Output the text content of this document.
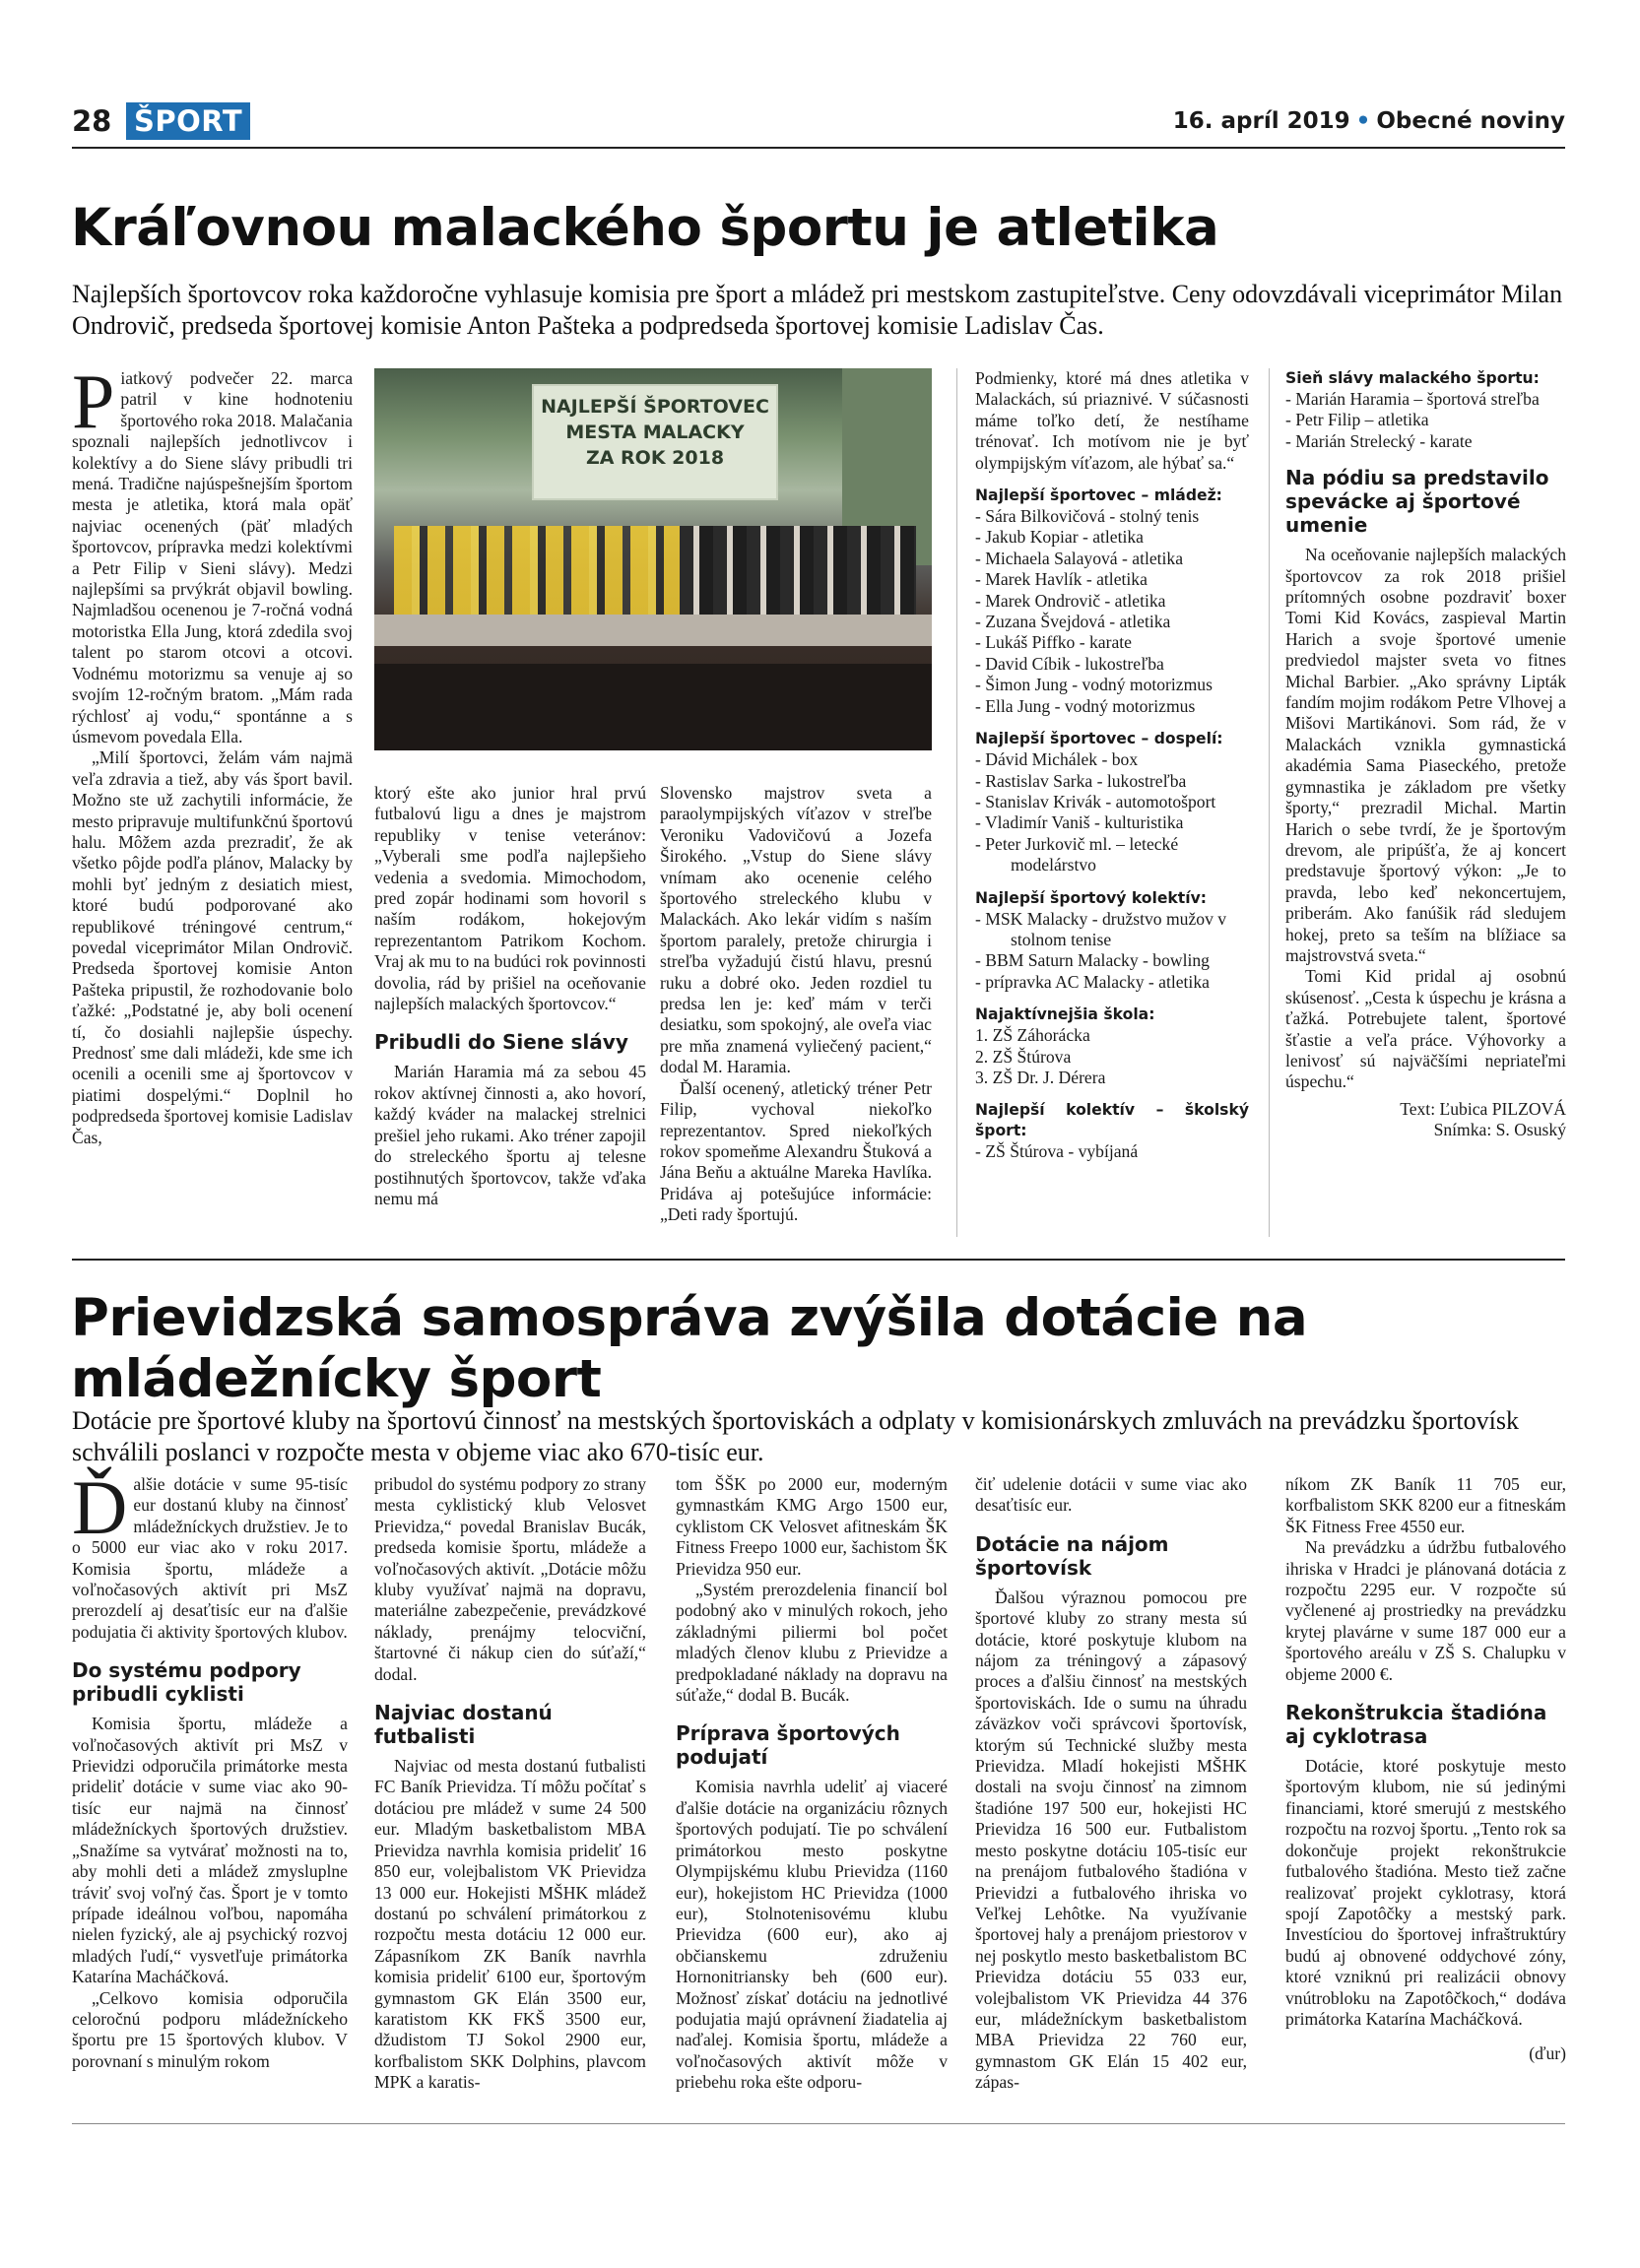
28 ŠPORT	16. apríl 2019 • Obecné noviny
Kráľovnou malackého športu je atletika
Najlepších športovcov roka každoročne vyhlasuje komisia pre šport a mládež pri mestskom zastupiteľstve. Ceny odovzdávali viceprimátor Milan Ondrovič, predseda športovej komisie Anton Pašteka a podpredseda športovej komisie Ladislav Čas.

Piatkový podvečer 22. marca patril v kine hodnoteniu športového roka 2018. Malačania spoznali najlepších jednotlivcov i kolektívy a do Siene slávy pribudli tri mená. Tradične najúspešnejším športom mesta je atletika, ktorá mala opäť najviac ocenených (päť mladých športovcov, prípravka medzi kolektívmi a Petr Filip v Sieni slávy). Medzi najlepšími sa prvýkrát objavil bowling. Najmladšou ocenenou je 7-ročná vodná motoristka Ella Jung, ktorá zdedila svoj talent po starom otcovi a otcovi. Vodnému motorizmu sa venuje aj so svojím 12-ročným bratom. „Mám rada rýchlosť aj vodu,“ spontánne a s úsmevom povedala Ella.

„Milí športovci, želám vám najmä veľa zdravia a tiež, aby vás šport bavil. Možno ste už zachytili informácie, že mesto pripravuje multifunkčnú športovú halu. Môžem azda prezradiť, že ak všetko pôjde podľa plánov, Malacky by mohli byť jedným z desiatich miest, ktoré budú podporované ako republikové tréningové centrum,“ povedal viceprimátor Milan Ondrovič. Predseda športovej komisie Anton Pašteka pripustil, že rozhodovanie bolo ťažké: „Podstatné je, aby boli ocenení tí, čo dosiahli najlepšie úspechy. Prednosť sme dali mládeži, kde sme ich ocenili a ocenili sme aj športovcov v piatimi dospelými.“ Doplnil ho podpredseda športovej komisie Ladislav Čas,

NAJLEPŠÍ ŠPORTOVEC
MESTA MALACKY
ZA ROK 2018

ktorý ešte ako junior hral prvú futbalovú ligu a dnes je majstrom republiky v tenise veteránov: „Vyberali sme podľa najlepšieho vedenia a svedomia. Mimochodom, pred zopár hodinami som hovoril s naším rodákom, hokejovým reprezentantom Patrikom Kochom. Vraj ak mu to na budúci rok povinnosti dovolia, rád by prišiel na oceňovanie najlepších malackých športovcov.“

Pribudli do Siene slávy

Marián Haramia má za sebou 45 rokov aktívnej činnosti a, ako hovorí, každý kváder na malackej strelnici prešiel jeho rukami. Ako tréner zapojil do streleckého športu aj telesne postihnutých športovcov, takže vďaka nemu má

Slovensko majstrov sveta a paraolympijských víťazov v streľbe Veroniku Vadovičovú a Jozefa Širokého. „Vstup do Siene slávy vnímam ako ocenenie celého športového streleckého klubu v Malackách. Ako lekár vidím s naším športom paralely, pretože chirurgia i streľba vyžadujú čistú hlavu, presnú ruku a dobré oko. Jeden rozdiel tu predsa len je: keď mám v terči desiatku, som spokojný, ale oveľa viac pre mňa znamená vyliečený pacient,“ dodal M. Haramia.

Ďalší ocenený, atletický tréner Petr Filip, vychoval niekoľko reprezentantov. Spred niekoľkých rokov spomeňme Alexandru Štuková a Jána Beňu a aktuálne Mareka Havlíka. Pridáva aj potešujúce informácie: „Deti rady športujú.

Podmienky, ktoré má dnes atletika v Malackách, sú priaznivé. V súčasnosti máme toľko detí, že nestíhame trénovať. Ich motívom nie je byť olympijským víťazom, ale hýbať sa.“

Najlepší športovec – mládež:
- Sára Bilkovičová - stolný tenis
- Jakub Kopiar - atletika
- Michaela Salayová - atletika
- Marek Havlík - atletika
- Marek Ondrovič - atletika
- Zuzana Švejdová - atletika
- Lukáš Piffko - karate
- David Cíbik - lukostreľba
- Šimon Jung - vodný motorizmus
- Ella Jung - vodný motorizmus
Najlepší športovec – dospelí:
- Dávid Michálek - box
- Rastislav Sarka - lukostreľba
- Stanislav Krivák - automotošport
- Vladimír Vaniš - kulturistika
- Peter Jurkovič ml. – letecké modelárstvo
Najlepší športový kolektív:
- MSK Malacky - družstvo mužov v stolnom tenise
- BBM Saturn Malacky - bowling
- prípravka AC Malacky - atletika
Najaktívnejšia škola:
1. ZŠ Záhorácka
2. ZŠ Štúrova
3. ZŠ Dr. J. Dérera
Najlepší kolektív – školský šport:
- ZŠ Štúrova - vybíjaná
Sieň slávy malackého športu:
- Marián Haramia – športová streľba
- Petr Filip – atletika
- Marián Strelecký - karate
Na pódiu sa predstavilo spevácke aj športové umenie

Na oceňovanie najlepších malackých športovcov za rok 2018 prišiel prítomných osobne pozdraviť boxer Tomi Kid Kovács, zaspieval Martin Harich a svoje športové umenie predviedol majster sveta vo fitnes Michal Barbier. „Ako správny Lipták fandím mojim rodákom Petre Vlhovej a Mišovi Martikánovi. Som rád, že v Malackách vznikla gymnastická akadémia Sama Piaseckého, pretože gymnastika je základom pre všetky športy,“ prezradil Michal. Martin Harich o sebe tvrdí, že je športovým drevom, ale pripúšťa, že aj koncert predstavuje športový výkon: „Je to pravda, lebo keď nekoncertujem, priberám. Ako fanúšik rád sledujem hokej, preto sa teším na blížiace sa majstrovstvá sveta.“

Tomi Kid pridal aj osobnú skúsenosť. „Cesta k úspechu je krásna a ťažká. Potrebujete talent, športové šťastie a veľa práce. Výhovorky a lenivosť sú najväčšími nepriateľmi úspechu.“

Text: Ľubica PILZOVÁ
Snímka: S. Osuský
Prievidzská samospráva zvýšila dotácie na mládežnícky šport
Dotácie pre športové kluby na športovú činnosť na mestských športoviskách a odplaty v komisionárskych zmluvách na prevádzku športovísk schválili poslanci v rozpočte mesta v objeme viac ako 670-tisíc eur.

Ďalšie dotácie v sume 95-tisíc eur dostanú kluby na činnosť mládežníckych družstiev. Je to o 5000 eur viac ako v roku 2017. Komisia športu, mládeže a voľnočasových aktivít pri MsZ prerozdelí aj desaťtisíc eur na ďalšie podujatia či aktivity športových klubov.

Do systému podpory pribudli cyklisti

Komisia športu, mládeže a voľnočasových aktivít pri MsZ v Prievidzi odporučila primátorke mesta prideliť dotácie v sume viac ako 90-tisíc eur najmä na činnosť mládežníckych športových družstiev. „Snažíme sa vytvárať možnosti na to, aby mohli deti a mládež zmysluplne tráviť svoj voľný čas. Šport je v tomto prípade ideálnou voľbou, napomáha nielen fyzický, ale aj psychický rozvoj mladých ľudí,“ vysvetľuje primátorka Katarína Macháčková.

„Celkovo komisia odporučila celoročnú podporu mládežníckeho športu pre 15 športových klubov. V porovnaní s minulým rokom

pribudol do systému podpory zo strany mesta cyklistický klub Velosvet Prievidza,“ povedal Branislav Bucák, predseda komisie športu, mládeže a voľnočasových aktivít. „Dotácie môžu kluby využívať najmä na dopravu, materiálne zabezpečenie, prevádzkové náklady, prenájmy telocviční, štartovné či nákup cien do súťaží,“ dodal.

Najviac dostanú futbalisti

Najviac od mesta dostanú futbalisti FC Baník Prievidza. Tí môžu počítať s dotáciou pre mládež v sume 24 500 eur. Mladým basketbalistom MBA Prievidza navrhla komisia prideliť 16 850 eur, volejbalistom VK Prievidza 13 000 eur. Hokejisti MŠHK mládež dostanú po schválení primátorkou z rozpočtu mesta dotáciu 12 000 eur. Zápasníkom ZK Baník navrhla komisia prideliť 6100 eur, športovým gymnastom GK Elán 3500 eur, karatistom KK FKŠ 3500 eur, džudistom TJ Sokol 2900 eur, korfbalistom SKK Dolphins, plavcom MPK a karatis-

tom ŠŠK po 2000 eur, moderným gymnastkám KMG Argo 1500 eur, cyklistom CK Velosvet afitneskám ŠK Fitness Freepo 1000 eur, šachistom ŠK Prievidza 950 eur.

„Systém prerozdelenia financií bol podobný ako v minulých rokoch, jeho základnými piliermi bol počet mladých členov klubu z Prievidze a predpokladané náklady na dopravu na súťaže,“ dodal B. Bucák.

Príprava športových podujatí

Komisia navrhla udeliť aj viaceré ďalšie dotácie na organizáciu rôznych športových podujatí. Tie po schválení primátorkou mesto poskytne Olympijskému klubu Prievidza (1160 eur), hokejistom HC Prievidza (1000 eur), Stolnotenisovému klubu Prievidza (600 eur), ako aj občianskemu združeniu Hornonitriansky beh (600 eur). Možnosť získať dotáciu na jednotlivé podujatia majú oprávnení žiadatelia aj naďalej. Komisia športu, mládeže a voľnočasových aktivít môže v priebehu roka ešte odporu-

čiť udelenie dotácii v sume viac ako desaťtisíc eur.

Dotácie na nájom športovísk

Ďalšou výraznou pomocou pre športové kluby zo strany mesta sú dotácie, ktoré poskytuje klubom na nájom za tréningový a zápasový proces a ďalšiu činnosť na mestských športoviskách. Ide o sumu na úhradu záväzkov voči správcovi športovísk, ktorým sú Technické služby mesta Prievidza. Mladí hokejisti MŠHK dostali na svoju činnosť na zimnom štadióne 197 500 eur, hokejisti HC Prievidza 16 500 eur. Futbalistom mesto poskytne dotáciu 105-tisíc eur na prenájom futbalového štadióna v Prievidzi a futbalového ihriska vo Veľkej Lehôtke. Na využívanie športovej haly a prenájom priestorov v nej poskytlo mesto basketbalistom BC Prievidza dotáciu 55 033 eur, volejbalistom VK Prievidza 44 376 eur, mládežníckym basketbalistom MBA Prievidza 22 760 eur, gymnastom GK Elán 15 402 eur, zápas-

níkom ZK Baník 11 705 eur, korfbalistom SKK 8200 eur a fitneskám ŠK Fitness Free 4550 eur.

Na prevádzku a údržbu futbalového ihriska v Hradci je plánovaná dotácia z rozpočtu 2295 eur. V rozpočte sú vyčlenené aj prostriedky na prevádzku krytej plavárne v sume 187 000 eur a športového areálu v ZŠ S. Chalupku v objeme 2000 €.

Rekonštrukcia štadióna aj cyklotrasa

Dotácie, ktoré poskytuje mesto športovým klubom, nie sú jedinými financiami, ktoré smerujú z mestského rozpočtu na rozvoj športu. „Tento rok sa dokončuje projekt rekonštrukcie futbalového štadióna. Mesto tiež začne realizovať projekt cyklotrasy, ktorá spojí Zapotôčky a mestský park. Investíciou do športovej infraštruktúry budú aj obnovené oddychové zóny, ktoré vzniknú pri realizácii obnovy vnútrobloku na Zapotôčkoch,“ dodáva primátorka Katarína Macháčková.

(ďur)
